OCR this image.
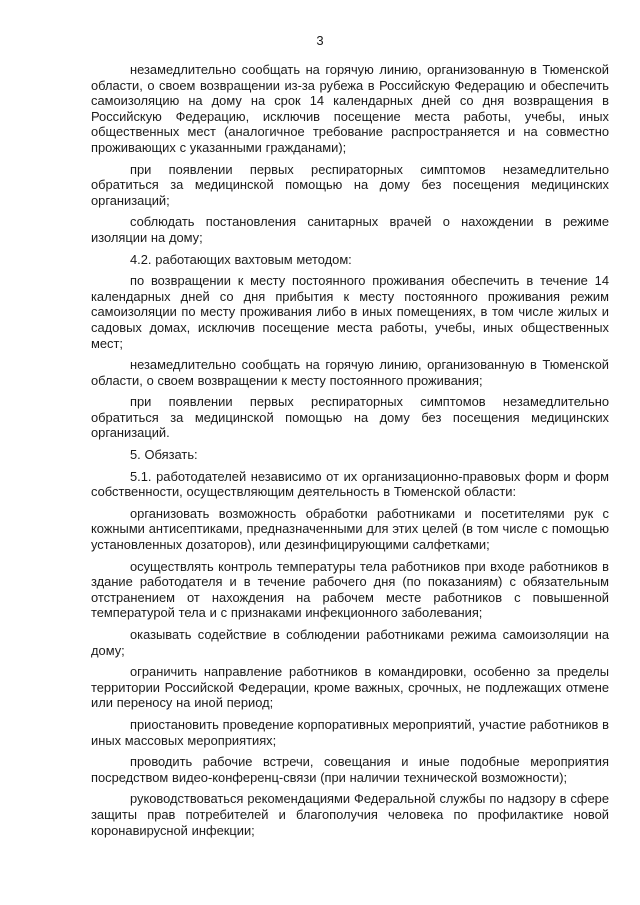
3

незамедлительно сообщать на горячую линию, организованную в Тюменской области, о своем возвращении из-за рубежа в Российскую Федерацию и обеспечить самоизоляцию на дому на срок 14 календарных дней со дня возвращения в Российскую Федерацию, исключив посещение места работы, учебы, иных общественных мест (аналогичное требование распространяется и на совместно проживающих с указанными гражданами);

при появлении первых респираторных симптомов незамедлительно обратиться за медицинской помощью на дому без посещения медицинских организаций;

соблюдать постановления санитарных врачей о нахождении в режиме изоляции на дому;

4.2. работающих вахтовым методом:

по возвращении к месту постоянного проживания обеспечить в течение 14 календарных дней со дня прибытия к месту постоянного проживания режим самоизоляции по месту проживания либо в иных помещениях, в том числе жилых и садовых домах, исключив посещение места работы, учебы, иных общественных мест;

незамедлительно сообщать на горячую линию, организованную в Тюменской области, о своем возвращении к месту постоянного проживания;

при появлении первых респираторных симптомов незамедлительно обратиться за медицинской помощью на дому без посещения медицинских организаций.

5. Обязать:

5.1. работодателей независимо от их организационно-правовых форм и форм собственности, осуществляющим деятельность в Тюменской области:

организовать возможность обработки работниками и посетителями рук с кожными антисептиками, предназначенными для этих целей (в том числе с помощью установленных дозаторов), или дезинфицирующими салфетками;

осуществлять контроль температуры тела работников при входе работников в здание работодателя и в течение рабочего дня (по показаниям) с обязательным отстранением от нахождения на рабочем месте работников с повышенной температурой тела и с признаками инфекционного заболевания;

оказывать содействие в соблюдении работниками режима самоизоляции на дому;

ограничить направление работников в командировки, особенно за пределы территории Российской Федерации, кроме важных, срочных, не подлежащих отмене или переносу на иной период;

приостановить проведение корпоративных мероприятий, участие работников в иных массовых мероприятиях;

проводить рабочие встречи, совещания и иные подобные мероприятия посредством видео-конференц-связи (при наличии технической возможности);

руководствоваться рекомендациями Федеральной службы по надзору в сфере защиты прав потребителей и благополучия человека по профилактике новой коронавирусной инфекции;
